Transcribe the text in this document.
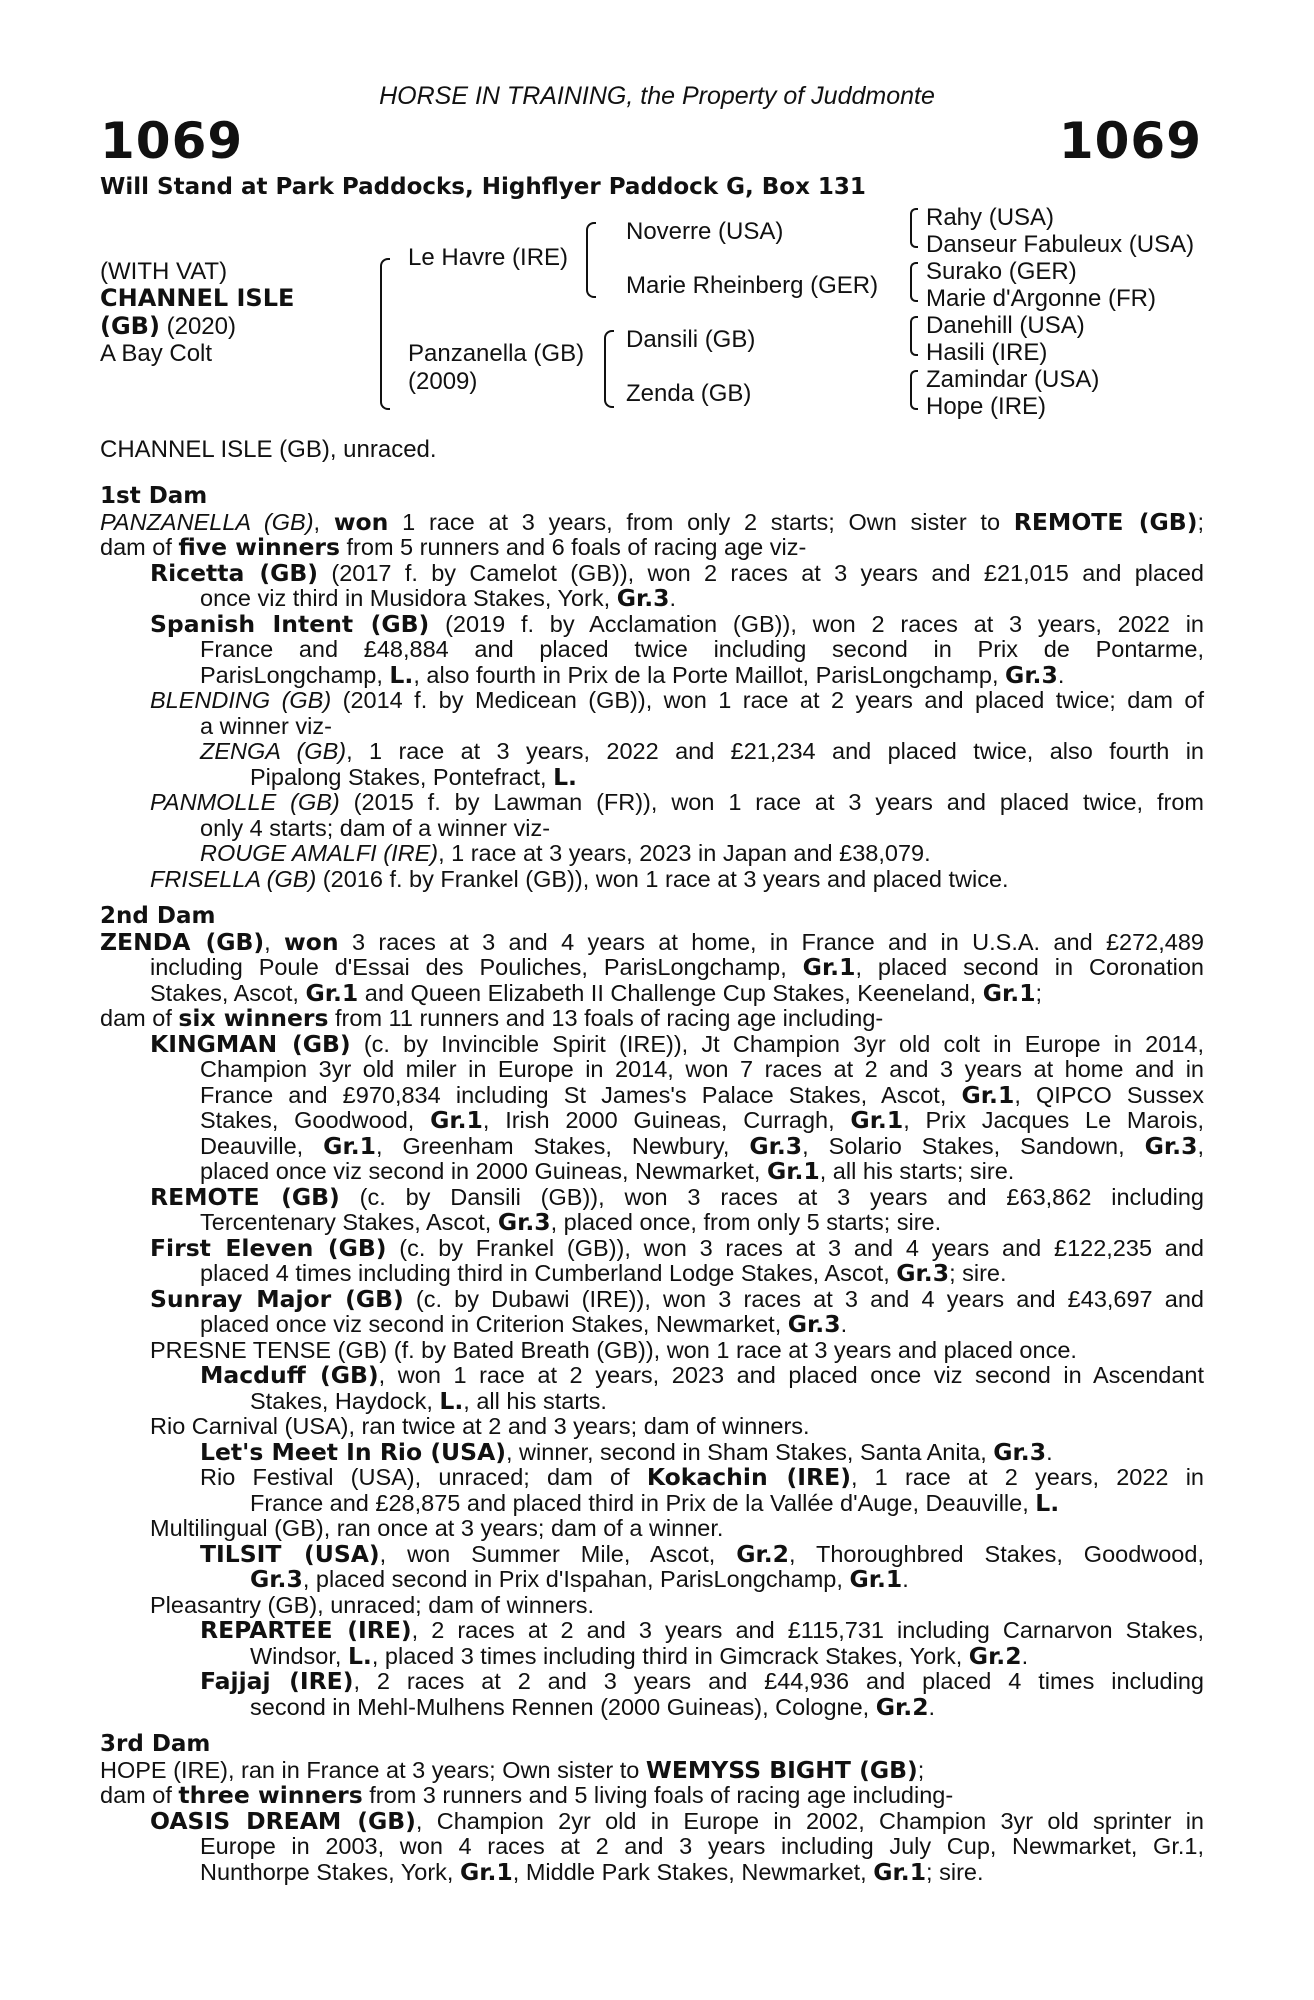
HORSE IN TRAINING, the Property of Juddmonte
1069	1069
Will Stand at Park Paddocks, Highflyer Paddock G, Box 131
(WITH VAT)
CHANNEL ISLE
(GB) (2020)
A Bay Colt
Le Havre (IRE)
Panzanella (GB)
(2009)
Noverre (USA)
Marie Rheinberg (GER)
Dansili (GB)
Zenda (GB)
Rahy (USA)
Danseur Fabuleux (USA)
Surako (GER)
Marie d'Argonne (FR)
Danehill (USA)
Hasili (IRE)
Zamindar (USA)
Hope (IRE)
CHANNEL ISLE (GB), unraced.
1st Dam
PANZANELLA (GB), won 1 race at 3 years, from only 2 starts; Own sister to REMOTE (GB);
dam of five winners from 5 runners and 6 foals of racing age viz-
Ricetta (GB) (2017 f. by Camelot (GB)), won 2 races at 3 years and £21,015 and placed
once viz third in Musidora Stakes, York, Gr.3.
Spanish Intent (GB) (2019 f. by Acclamation (GB)), won 2 races at 3 years, 2022 in
France and £48,884 and placed twice including second in Prix de Pontarme,
ParisLongchamp, L., also fourth in Prix de la Porte Maillot, ParisLongchamp, Gr.3.
BLENDING (GB) (2014 f. by Medicean (GB)), won 1 race at 2 years and placed twice; dam of
a winner viz-
ZENGA (GB), 1 race at 3 years, 2022 and £21,234 and placed twice, also fourth in
Pipalong Stakes, Pontefract, L.
PANMOLLE (GB) (2015 f. by Lawman (FR)), won 1 race at 3 years and placed twice, from
only 4 starts; dam of a winner viz-
ROUGE AMALFI (IRE), 1 race at 3 years, 2023 in Japan and £38,079.
FRISELLA (GB) (2016 f. by Frankel (GB)), won 1 race at 3 years and placed twice.
2nd Dam
ZENDA (GB), won 3 races at 3 and 4 years at home, in France and in U.S.A. and £272,489
including Poule d'Essai des Pouliches, ParisLongchamp, Gr.1, placed second in Coronation
Stakes, Ascot, Gr.1 and Queen Elizabeth II Challenge Cup Stakes, Keeneland, Gr.1;
dam of six winners from 11 runners and 13 foals of racing age including-
KINGMAN (GB) (c. by Invincible Spirit (IRE)), Jt Champion 3yr old colt in Europe in 2014,
Champion 3yr old miler in Europe in 2014, won 7 races at 2 and 3 years at home and in
France and £970,834 including St James's Palace Stakes, Ascot, Gr.1, QIPCO Sussex
Stakes, Goodwood, Gr.1, Irish 2000 Guineas, Curragh, Gr.1, Prix Jacques Le Marois,
Deauville, Gr.1, Greenham Stakes, Newbury, Gr.3, Solario Stakes, Sandown, Gr.3,
placed once viz second in 2000 Guineas, Newmarket, Gr.1, all his starts; sire.
REMOTE (GB) (c. by Dansili (GB)), won 3 races at 3 years and £63,862 including
Tercentenary Stakes, Ascot, Gr.3, placed once, from only 5 starts; sire.
First Eleven (GB) (c. by Frankel (GB)), won 3 races at 3 and 4 years and £122,235 and
placed 4 times including third in Cumberland Lodge Stakes, Ascot, Gr.3; sire.
Sunray Major (GB) (c. by Dubawi (IRE)), won 3 races at 3 and 4 years and £43,697 and
placed once viz second in Criterion Stakes, Newmarket, Gr.3.
PRESNE TENSE (GB) (f. by Bated Breath (GB)), won 1 race at 3 years and placed once.
Macduff (GB), won 1 race at 2 years, 2023 and placed once viz second in Ascendant
Stakes, Haydock, L., all his starts.
Rio Carnival (USA), ran twice at 2 and 3 years; dam of winners.
Let's Meet In Rio (USA), winner, second in Sham Stakes, Santa Anita, Gr.3.
Rio Festival (USA), unraced; dam of Kokachin (IRE), 1 race at 2 years, 2022 in
France and £28,875 and placed third in Prix de la Vallée d'Auge, Deauville, L.
Multilingual (GB), ran once at 3 years; dam of a winner.
TILSIT (USA), won Summer Mile, Ascot, Gr.2, Thoroughbred Stakes, Goodwood,
Gr.3, placed second in Prix d'Ispahan, ParisLongchamp, Gr.1.
Pleasantry (GB), unraced; dam of winners.
REPARTEE (IRE), 2 races at 2 and 3 years and £115,731 including Carnarvon Stakes,
Windsor, L., placed 3 times including third in Gimcrack Stakes, York, Gr.2.
Fajjaj (IRE), 2 races at 2 and 3 years and £44,936 and placed 4 times including
second in Mehl-Mulhens Rennen (2000 Guineas), Cologne, Gr.2.
3rd Dam
HOPE (IRE), ran in France at 3 years; Own sister to WEMYSS BIGHT (GB);
dam of three winners from 3 runners and 5 living foals of racing age including-
OASIS DREAM (GB), Champion 2yr old in Europe in 2002, Champion 3yr old sprinter in
Europe in 2003, won 4 races at 2 and 3 years including July Cup, Newmarket, Gr.1,
Nunthorpe Stakes, York, Gr.1, Middle Park Stakes, Newmarket, Gr.1; sire.
